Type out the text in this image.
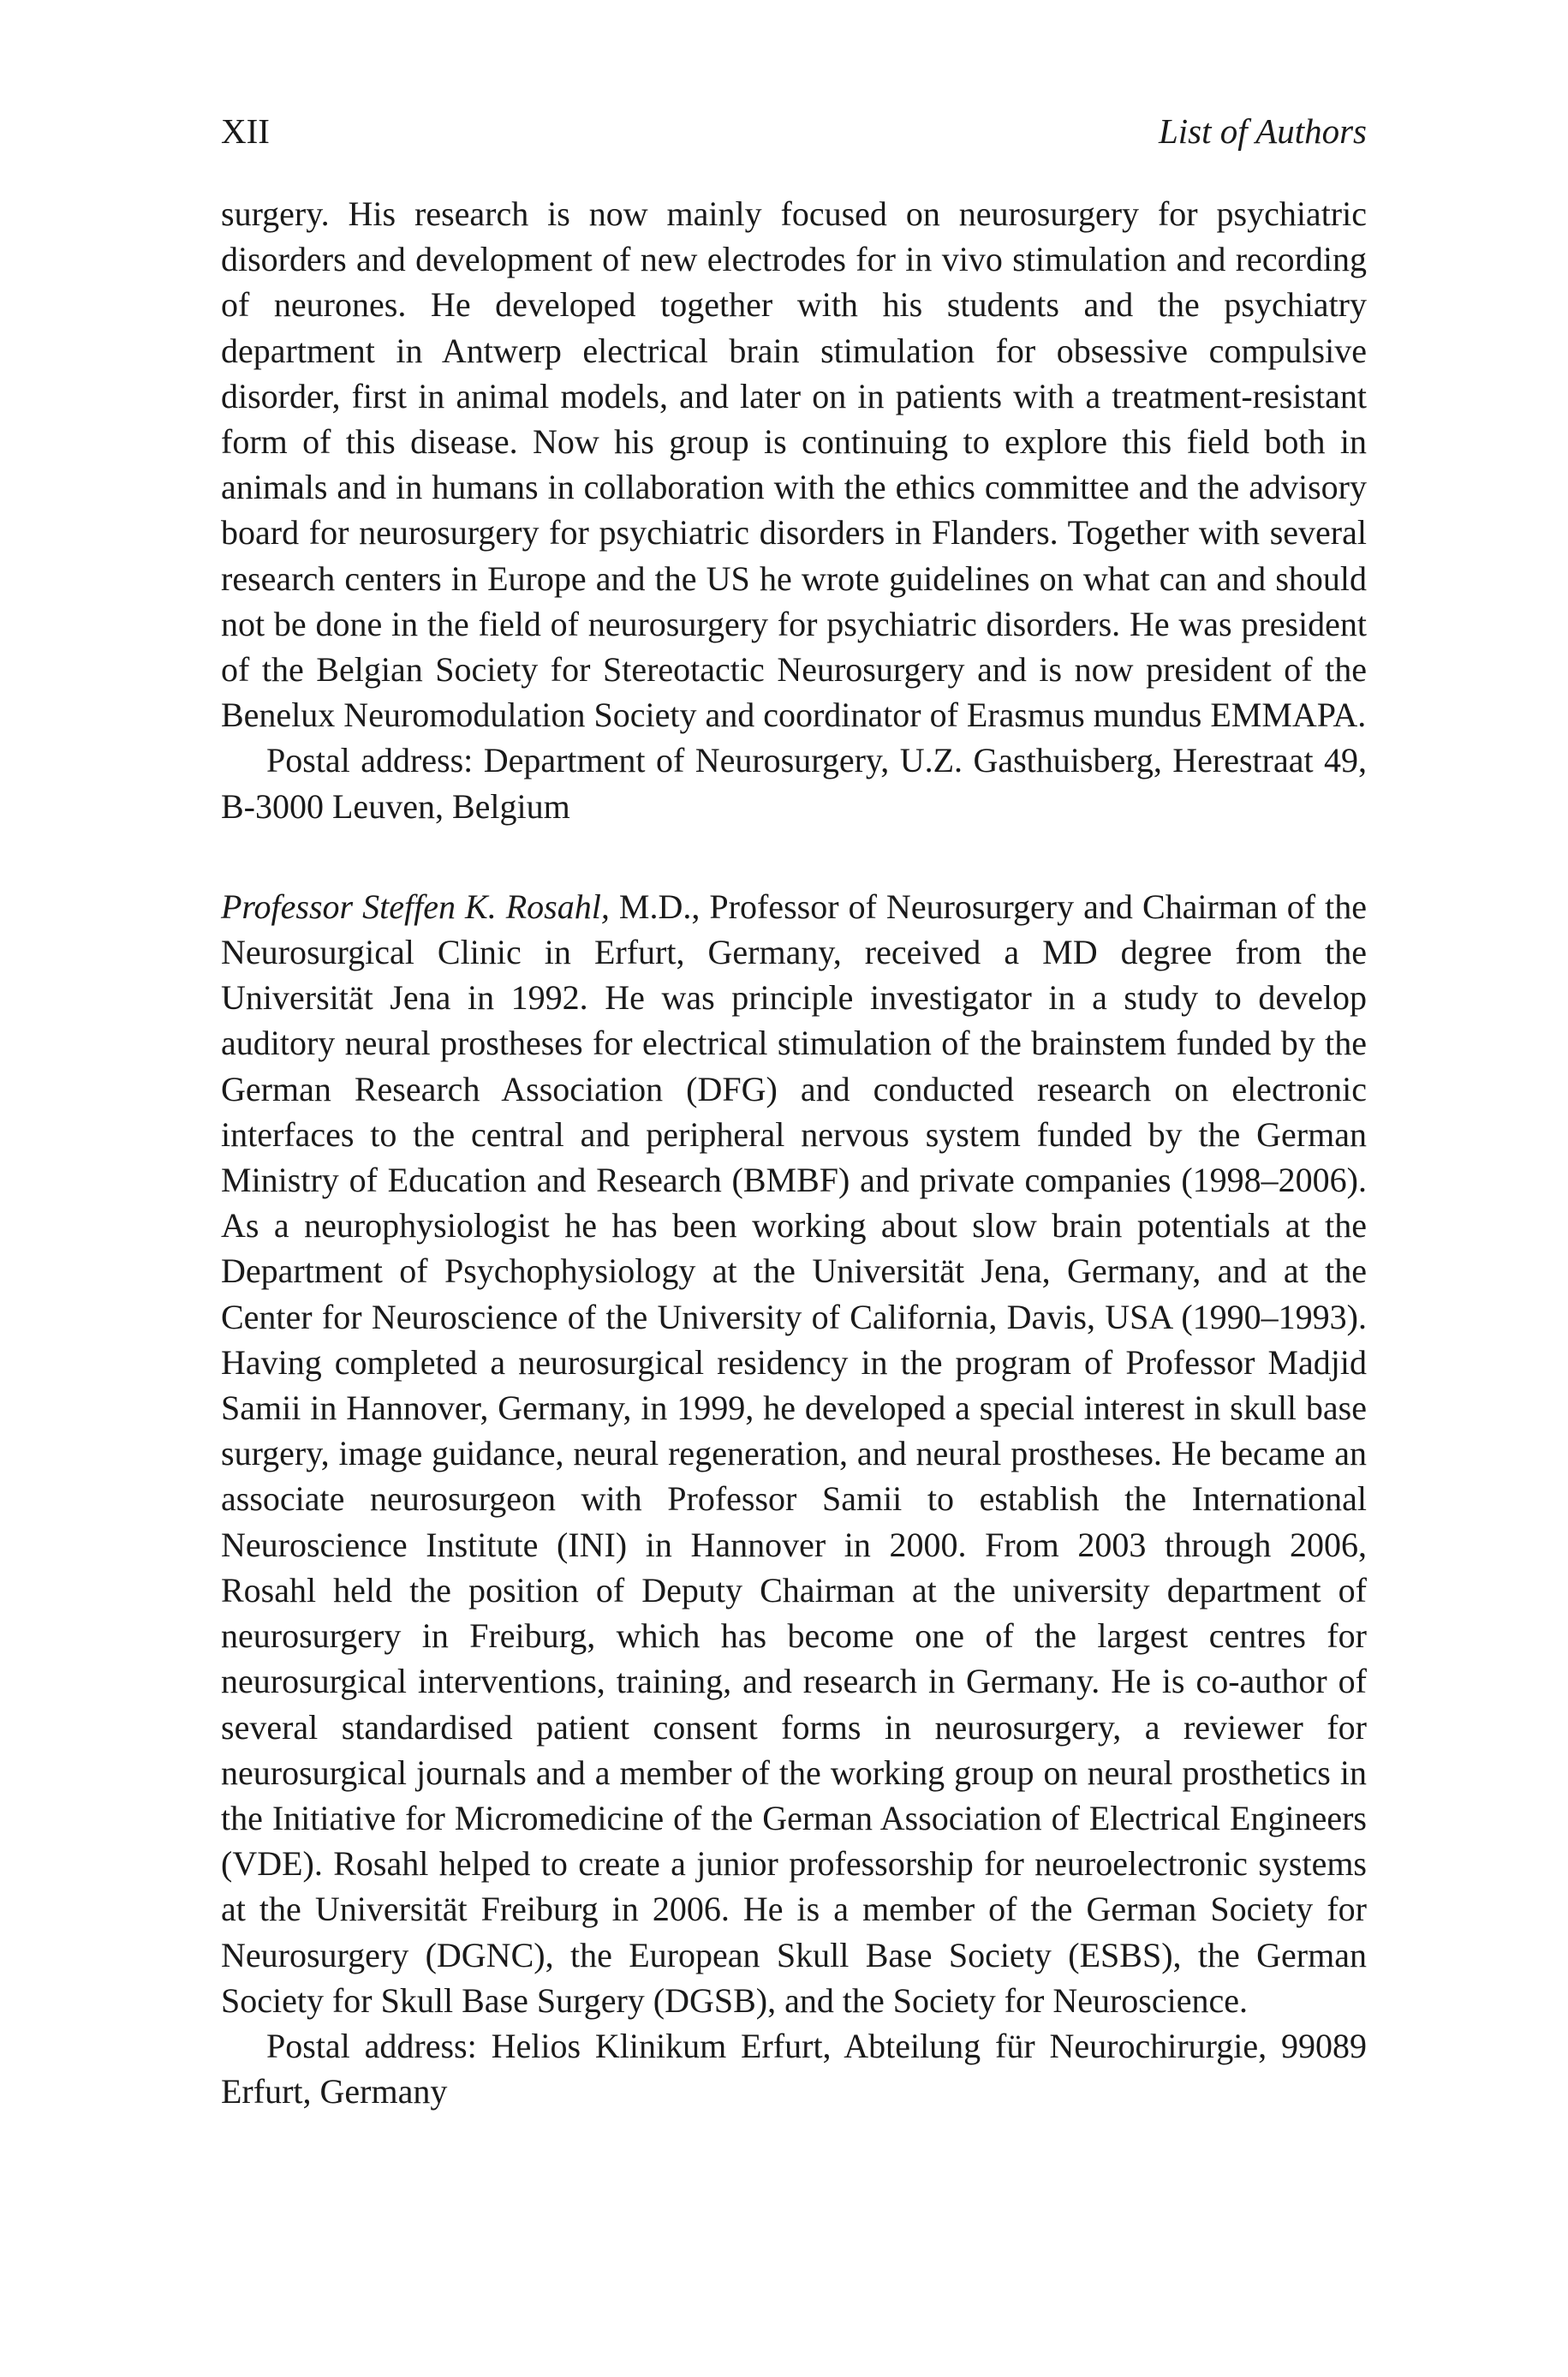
XII	List of Authors

surgery. His research is now mainly focused on neurosurgery for psychiatric disorders and development of new electrodes for in vivo stimulation and recording of neurones. He developed together with his students and the psychiatry department in Antwerp electrical brain stimulation for obsessive compulsive disorder, first in animal models, and later on in patients with a treatment-resistant form of this disease. Now his group is continuing to explore this field both in animals and in humans in collaboration with the ethics committee and the advisory board for neurosurgery for psychiatric disorders in Flanders. Together with several research centers in Europe and the US he wrote guidelines on what can and should not be done in the field of neurosurgery for psychiatric disorders. He was president of the Belgian Society for Stereotactic Neurosurgery and is now president of the Benelux Neuromodulation Society and coordinator of Erasmus mundus EMMAPA.

Postal address: Department of Neurosurgery, U.Z. Gasthuisberg, Herestraat 49, B-3000 Leuven, Belgium

Professor Steffen K. Rosahl, M.D., Professor of Neurosurgery and Chairman of the Neurosurgical Clinic in Erfurt, Germany, received a MD degree from the Universität Jena in 1992. He was principle investigator in a study to develop auditory neural prostheses for electrical stimulation of the brainstem funded by the German Research Association (DFG) and conducted research on electronic interfaces to the central and peripheral nervous system funded by the German Ministry of Education and Research (BMBF) and private companies (1998–2006). As a neurophysiologist he has been working about slow brain potentials at the Department of Psychophysiology at the Universität Jena, Germany, and at the Center for Neuroscience of the University of California, Davis, USA (1990–1993). Having completed a neurosurgical residency in the program of Professor Madjid Samii in Hannover, Germany, in 1999, he developed a special interest in skull base surgery, image guidance, neural regeneration, and neural prostheses. He became an associate neurosurgeon with Professor Samii to establish the International Neuroscience Institute (INI) in Hannover in 2000. From 2003 through 2006, Rosahl held the position of Deputy Chairman at the university department of neurosurgery in Freiburg, which has become one of the largest centres for neurosurgical interventions, training, and research in Germany. He is co-author of several standardised patient consent forms in neurosurgery, a reviewer for neurosurgical journals and a member of the working group on neural prosthetics in the Initiative for Micromedicine of the German Association of Electrical Engineers (VDE). Rosahl helped to create a junior professorship for neuroelectronic systems at the Universität Freiburg in 2006. He is a member of the German Society for Neurosurgery (DGNC), the European Skull Base Society (ESBS), the German Society for Skull Base Surgery (DGSB), and the Society for Neuroscience.

Postal address: Helios Klinikum Erfurt, Abteilung für Neurochirurgie, 99089 Erfurt, Germany
